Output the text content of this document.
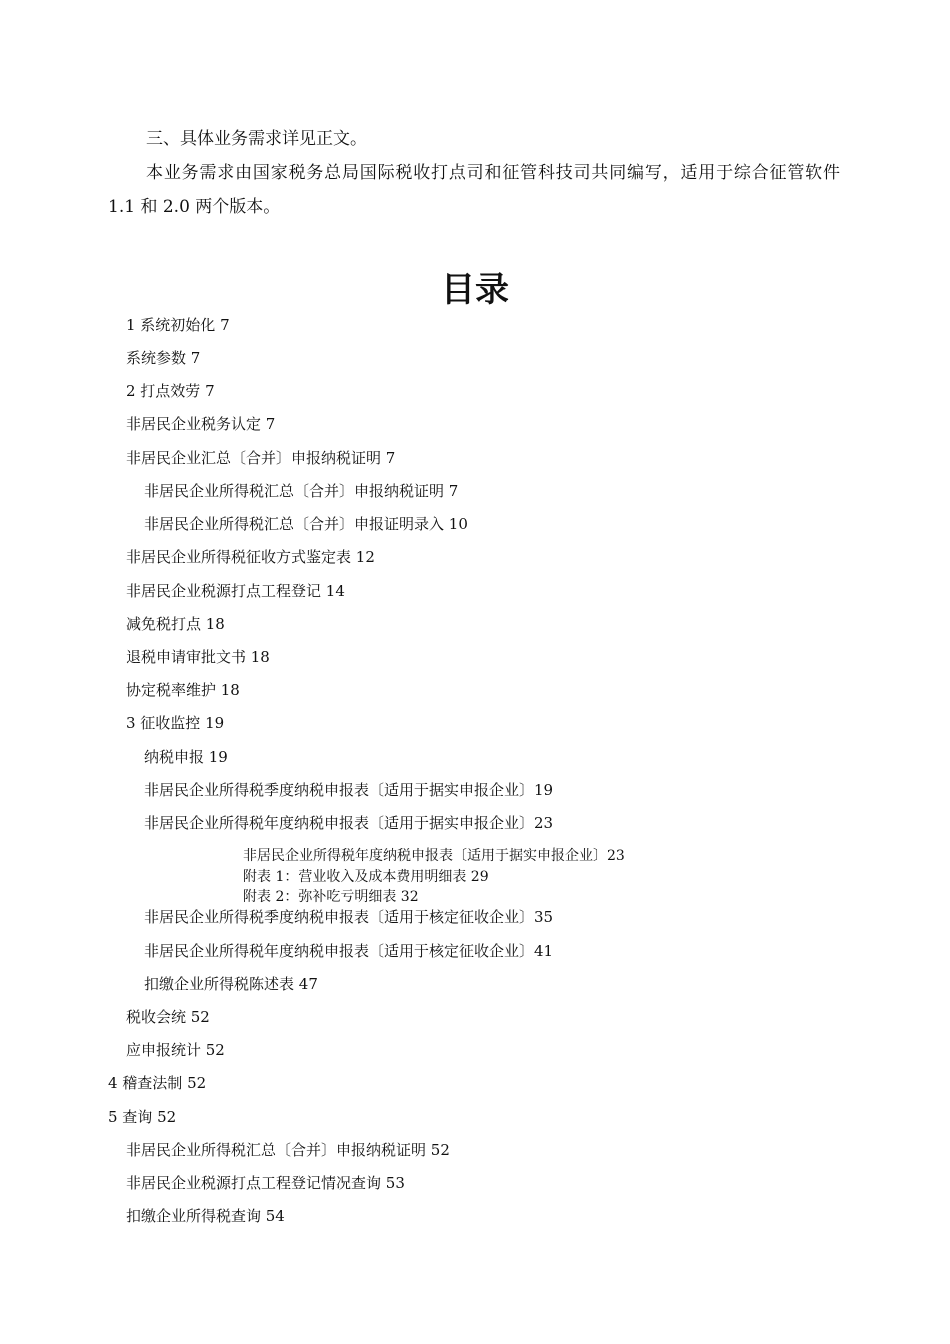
三、具体业务需求详见正文。

本业务需求由国家税务总局国际税收打点司和征管科技司共同编写，适用于综合征管软件 1.1 和 2.0 两个版本。

目录
1 系统初始化 7
系统参数 7
2 打点效劳 7
非居民企业税务认定 7
非居民企业汇总〔合并〕申报纳税证明 7
非居民企业所得税汇总〔合并〕申报纳税证明 7
非居民企业所得税汇总〔合并〕申报证明录入 10
非居民企业所得税征收方式鉴定表 12
非居民企业税源打点工程登记 14
减免税打点 18
退税申请审批文书 18
协定税率维护 18
3 征收监控 19
纳税申报 19
非居民企业所得税季度纳税申报表〔适用于据实申报企业〕19
非居民企业所得税年度纳税申报表〔适用于据实申报企业〕23
非居民企业所得税年度纳税申报表〔适用于据实申报企业〕23
附表 1：营业收入及成本费用明细表 29
附表 2：弥补吃亏明细表 32
非居民企业所得税季度纳税申报表〔适用于核定征收企业〕35
非居民企业所得税年度纳税申报表〔适用于核定征收企业〕41
扣缴企业所得税陈述表 47
税收会统 52
应申报统计 52
4 稽查法制 52
5 查询 52
非居民企业所得税汇总〔合并〕申报纳税证明 52
非居民企业税源打点工程登记情况查询 53
扣缴企业所得税查询 54
